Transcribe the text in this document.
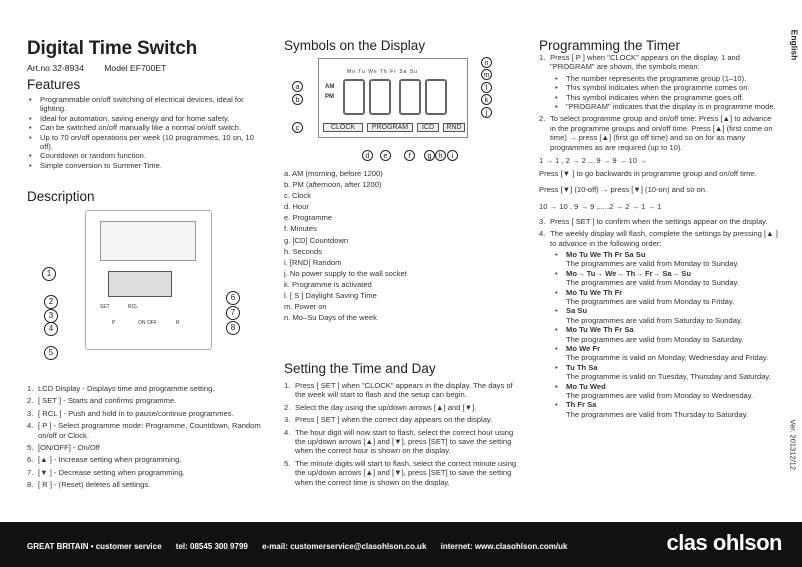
English
Digital Time Switch
Art.no 32-8934 Model EF700ET
Features
• Programmable on/off switching of electrical devices, ideal for lighting.
• Ideal for automation, saving energy and for home safety.
• Can be switched on/off manually like a normal on/off switch.
• Up to 70 on/off operations per week (10 programmes, 10 on, 10 off).
• Countdown or random function.
• Simple conversion to Summer Time.
Description
SET	RCL
P	ON OFF	R
1
2
3
4
5
6
7
8
1. LCD Display - Displays time and programme setting.
2. [ SET ] - Starts and confirms programme.
3. [ RCL ] - Push and hold in to pause/continue programmes.
4. [ P ] - Select programme mode: Programme, Countdown, Random on/off or Clock.
5. [ON/OFF] - On/Off
6. [▲ ] - Increase setting when programming.
7. [▼ ] - Decrease setting when programming.
8. [ R ] - (Reset) deletes all settings.
Symbols on the Display
Mo Tu We Th Fr Sa Su
AM
PM
CLOCK	PROGRAM	ICD	RND
a
b
c
d	e	f	g h	i
j
k
l
m
n
a. AM (morning, before 1200)
b. PM (afternoon, after 1200)
c. Clock
d. Hour
e. Programme
f. Minutes
g. [CD] Countdown
h. Seconds
i. [RND] Random
j. No power supply to the wall socket
k. Programme is activated
l. [ S ] Daylight Saving Time
m. Power on
n. Mo–Su Days of the week
Setting the Time and Day
1. Press [ SET ] when "CLOCK" appears in the display. The days of the week will start to flash and the setup can begin.
2. Select the day using the up/down arrows [▲] and [▼].
3. Press [ SET ] when the correct day appears on the display.
4. The hour digit will now start to flash, select the correct hour using the up/down arrows [▲] and [▼], press [SET] to save the setting when the correct hour is shown on the display.
5. The minute digits will start to flash, select the correct minute using the up/down arrows [▲] and [▼], press [SET] to save the setting when the correct time is shown on the display.
Programming the Timer
1. Press [ P ] when "CLOCK" appears on the display, 1 and "PROGRAM" are shown, the symbols mean:
• The number represents the programme group (1–10).
• This symbol indicates when the programme comes on.
• This symbol indicates when the programme goes off.
• "PROGRAM" indicates that the display is in programme mode.
2. To select programme group and on/off time: Press [▲] to advance in the programme groups and on/off time. Press [▲] (first come on time) → press [▲] (first go off time) and so on for as many programmes as are required (up to 10).
1 → 1 , 2 → 2 ... 9 → 9 → 10 →
Press [▼ ] to go backwards in programme group and on/off time.
Press [▼] (10-off) → press [▼] (10-on) and so on.
10 → 10 , 9 → 9 ......2 → 2 → 1 → 1
3. Press [ SET ] to confirm when the settings appear on the display.
4. The weekly display will flash, complete the settings by pressing [▲ ] to advance in the following order:
• Mo Tu We Th Fr Sa Su
The programmes are valid from Monday to Sunday.
• Mo→ Tu→ We→ Th→ Fr→ Sa→ Su
The programmes are valid from Monday to Sunday.
• Mo Tu We Th Fr
The programmes are valid from Monday to Friday.
• Sa Su
The programmes are valid from Saturday to Sunday.
• Mo Tu We Th Fr Sa
The programmes are valid from Monday to Saturday.
• Mo We Fr
The programme is valid on Monday, Wednesday and Friday.
• Tu Th Sa
The programme is valid on Tuesday, Thursday and Saturday.
• Mo Tu Wed
The programmes are valid from Monday to Wednesday.
• Th Fr Sa
The programmes are valid from Thursday to Saturday.
Ver. 201312/12
GREAT BRITAIN • customer service tel: 08545 300 9799 e-mail: customerservice@clasohlson.co.uk internet: www.clasohlson.com/uk	clas ohlson
